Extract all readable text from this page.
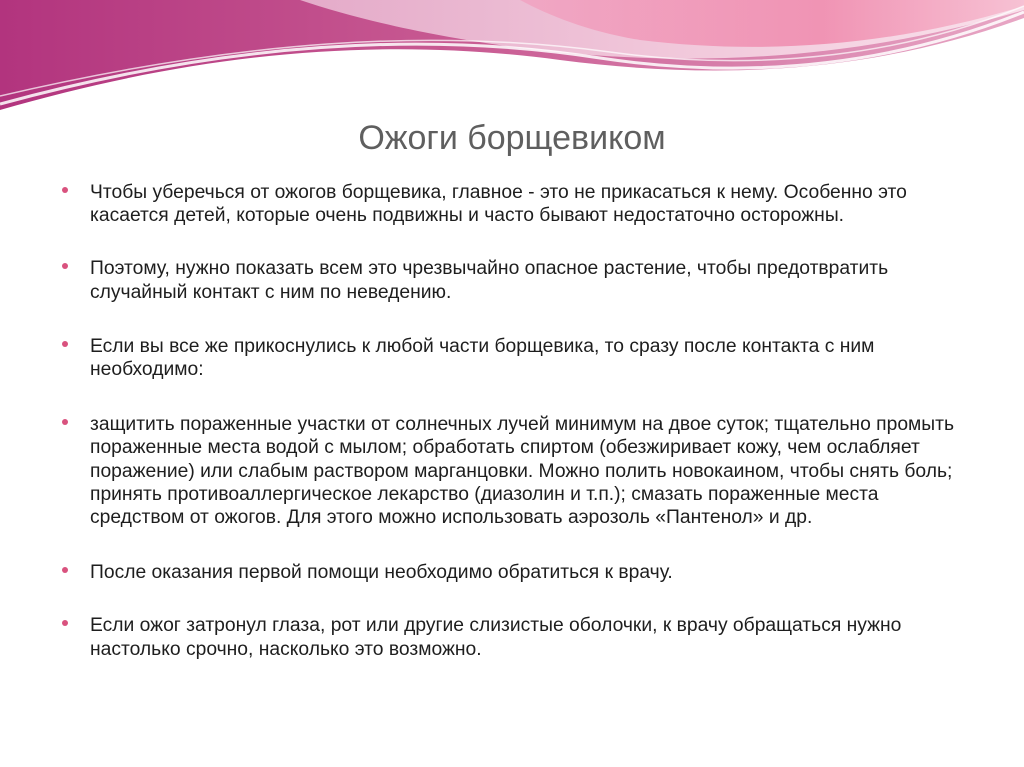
Ожоги борщевиком
Чтобы уберечься от ожогов борщевика, главное - это не прикасаться к нему. Особенно это касается детей, которые очень подвижны и часто бывают недостаточно осторожны.
Поэтому, нужно показать всем это чрезвычайно опасное растение, чтобы предотвратить случайный контакт с ним по неведению.
Если вы все же прикоснулись к любой части борщевика, то сразу после контакта с ним необходимо:
защитить пораженные участки от солнечных лучей минимум на двое суток; тщательно промыть пораженные места водой с мылом; обработать спиртом (обезжиривает кожу, чем ослабляет поражение) или слабым раствором марганцовки. Можно полить новокаином, чтобы снять боль; принять противоаллергическое лекарство (диазолин и т.п.); смазать пораженные места средством от ожогов. Для этого можно использовать аэрозоль «Пантенол» и др.
После оказания первой помощи необходимо обратиться к врачу.
Если ожог затронул глаза, рот или другие слизистые оболочки, к врачу обращаться нужно настолько срочно, насколько это возможно.
